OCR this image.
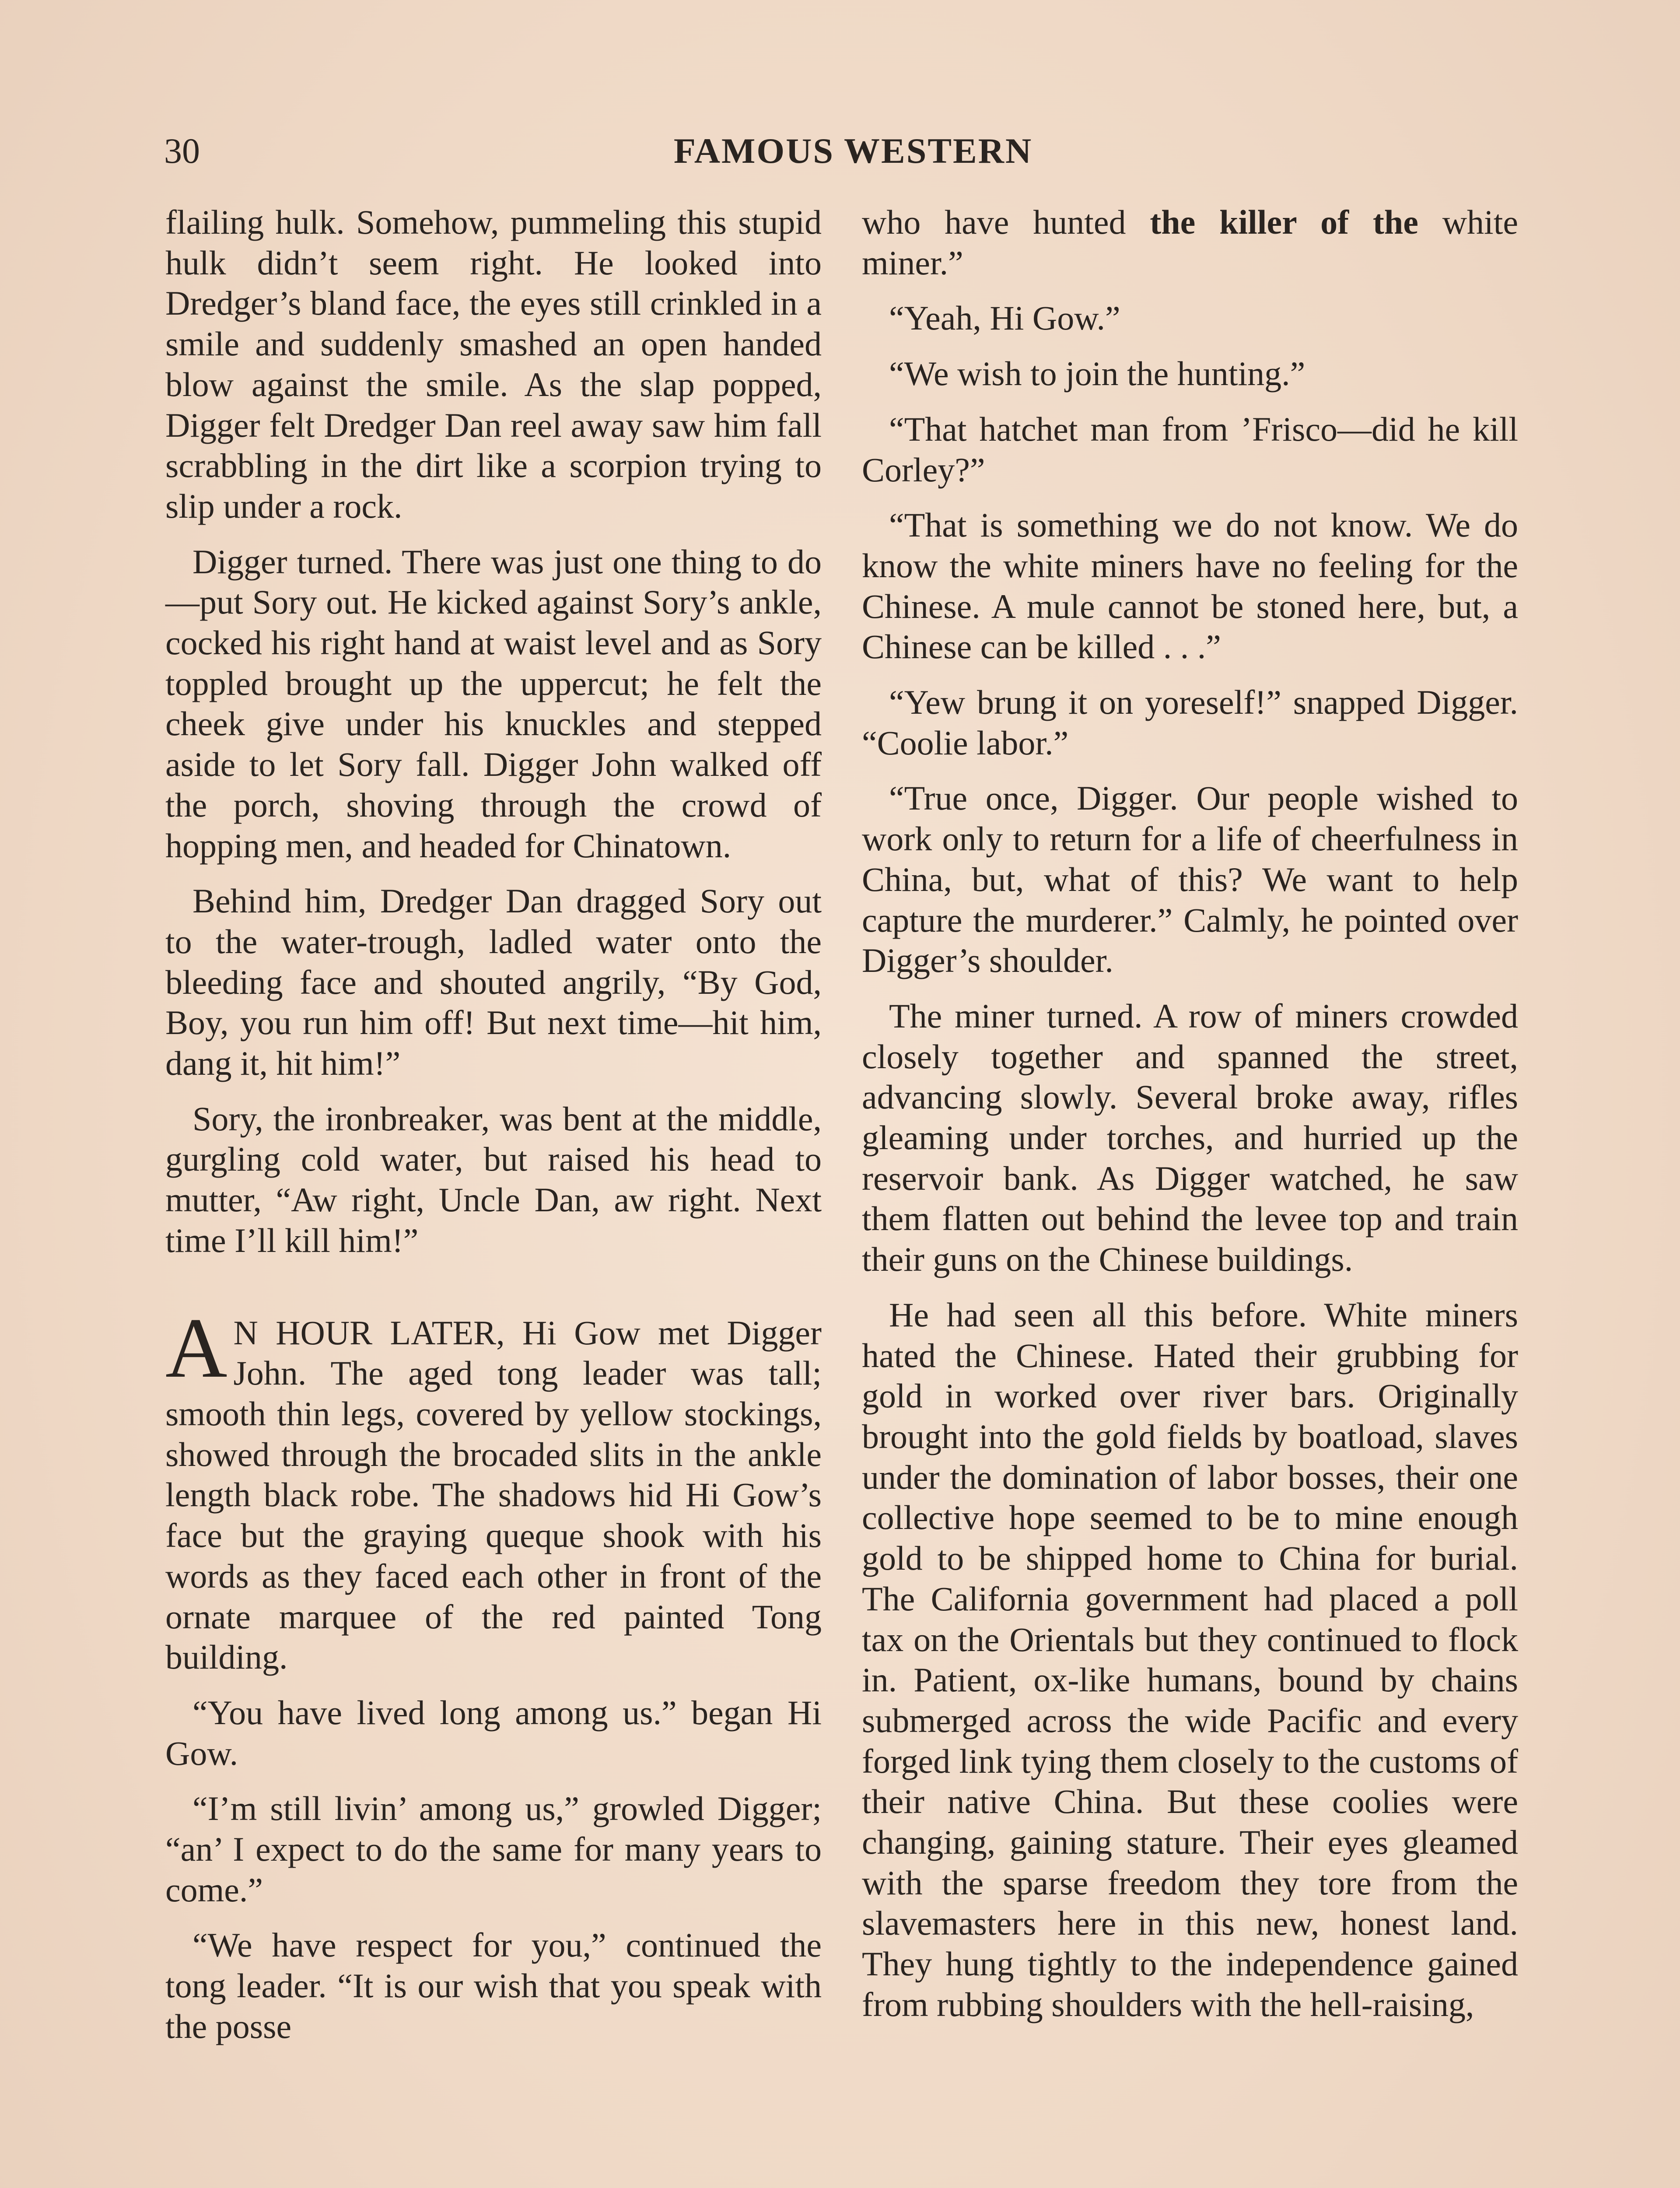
30	FAMOUS WESTERN

flailing hulk. Somehow, pummeling this stupid hulk didn’t seem right. He looked into Dredger’s bland face, the eyes still crinkled in a smile and suddenly smashed an open handed blow against the smile. As the slap popped, Digger felt Dredger Dan reel away saw him fall scrabbling in the dirt like a scorpion trying to slip under a rock.

Digger turned. There was just one thing to do—put Sory out. He kicked against Sory’s ankle, cocked his right hand at waist level and as Sory toppled brought up the uppercut; he felt the cheek give under his knuckles and stepped aside to let Sory fall. Digger John walked off the porch, shoving through the crowd of hopping men, and headed for Chinatown.

Behind him, Dredger Dan dragged Sory out to the water-trough, ladled water onto the bleeding face and shouted angrily, “By God, Boy, you run him off! But next time—hit him, dang it, hit him!”

Sory, the ironbreaker, was bent at the middle, gurgling cold water, but raised his head to mutter, “Aw right, Uncle Dan, aw right. Next time I’ll kill him!”

A N HOUR LATER, Hi Gow met Digger John. The aged tong leader was tall; smooth thin legs, covered by yellow stockings, showed through the brocaded slits in the ankle length black robe. The shadows hid Hi Gow’s face but the graying queque shook with his words as they faced each other in front of the ornate marquee of the red painted Tong building.

“You have lived long among us.” began Hi Gow.

“I’m still livin’ among us,” growled Digger; “an’ I expect to do the same for many years to come.”

“We have respect for you,” continued the tong leader. “It is our wish that you speak with the posse

who have hunted the killer of the white miner.”

“Yeah, Hi Gow.”

“We wish to join the hunting.”

“That hatchet man from ’Frisco—did he kill Corley?”

“That is something we do not know. We do know the white miners have no feeling for the Chinese. A mule cannot be stoned here, but, a Chinese can be killed . . .”

“Yew brung it on yoreself!” snapped Digger. “Coolie labor.”

“True once, Digger. Our people wished to work only to return for a life of cheerfulness in China, but, what of this? We want to help capture the murderer.” Calmly, he pointed over Digger’s shoulder.

The miner turned. A row of miners crowded closely together and spanned the street, advancing slowly. Several broke away, rifles gleaming under torches, and hurried up the reservoir bank. As Digger watched, he saw them flatten out behind the levee top and train their guns on the Chinese buildings.

He had seen all this before. White miners hated the Chinese. Hated their grubbing for gold in worked over river bars. Originally brought into the gold fields by boatload, slaves under the domination of labor bosses, their one collective hope seemed to be to mine enough gold to be shipped home to China for burial. The California government had placed a poll tax on the Orientals but they continued to flock in. Patient, ox-like humans, bound by chains submerged across the wide Pacific and every forged link tying them closely to the customs of their native China. But these coolies were changing, gaining stature. Their eyes gleamed with the sparse freedom they tore from the slavemasters here in this new, honest land. They hung tightly to the independence gained from rubbing shoulders with the hell-raising,
